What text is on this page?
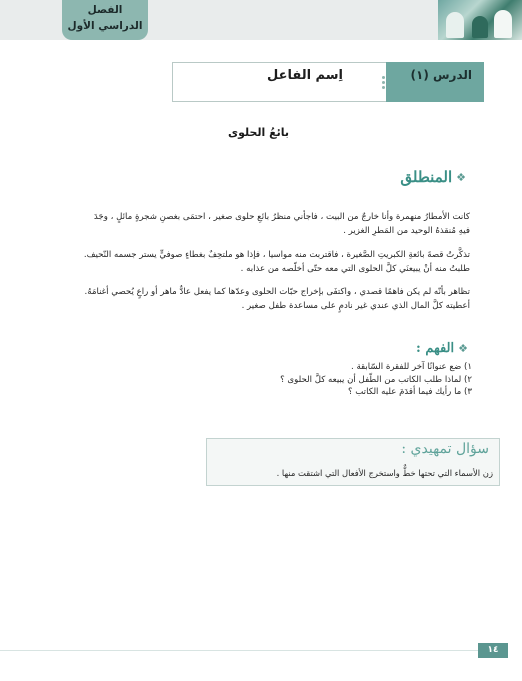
الفصل
الدراسي الأول
الدرس (١)
اِسم الفاعل
بائعُ الحلوى
❖
المنطلق
كانت الأمطارُ منهمرة وأنا خارجٌ من البيت ، فاجأني منظرُ بائعِ حلوى صغير ، احتمَى بغصنِ شجرةٍ مائلٍ ، وجَدَ
فيهِ مُنقذهُ الوحيد من المَطرِ الغزير .
تذكَّرتُ قصةَ بائعةِ الكبريتِ الصَّغيرة ، فاقتربت منه مواسيا ، فإذا هو ملتحِفٌ بغطاءٍ صوفيٍّ يستر جسمه النّحيف.
طلبتُ منه أنْ يبيعنَي كلَّ الحلوى التي معه حتّى أخلّصه من عذابه .
تظاهر بأنّه لم يكن فاهمًا قصدي ، واكتفَى بإخراج حبّات الحلوى وعدّها كما يفعل عادٌّ ماهر أو راعٍ يُحصي أغنامَهُ.
أعطيته كلَّ المال الذي عندي غير نادمٍ على مساعدة طفل صغير .
❖
الفهم :
١) ضع عنوانًا آخر للفقرة السّابقة .
٢) لماذا طلب الكاتب من الطّفل أن يبيعه كلَّ الحلوى ؟
٣) ما رأيك فيما أقدَمَ عليه الكاتب ؟
سؤال تمهيدي :
زن الأسماء التي تحتها خطٌّ واستخرج الأفعال التي اشتقت منها .
١٤
